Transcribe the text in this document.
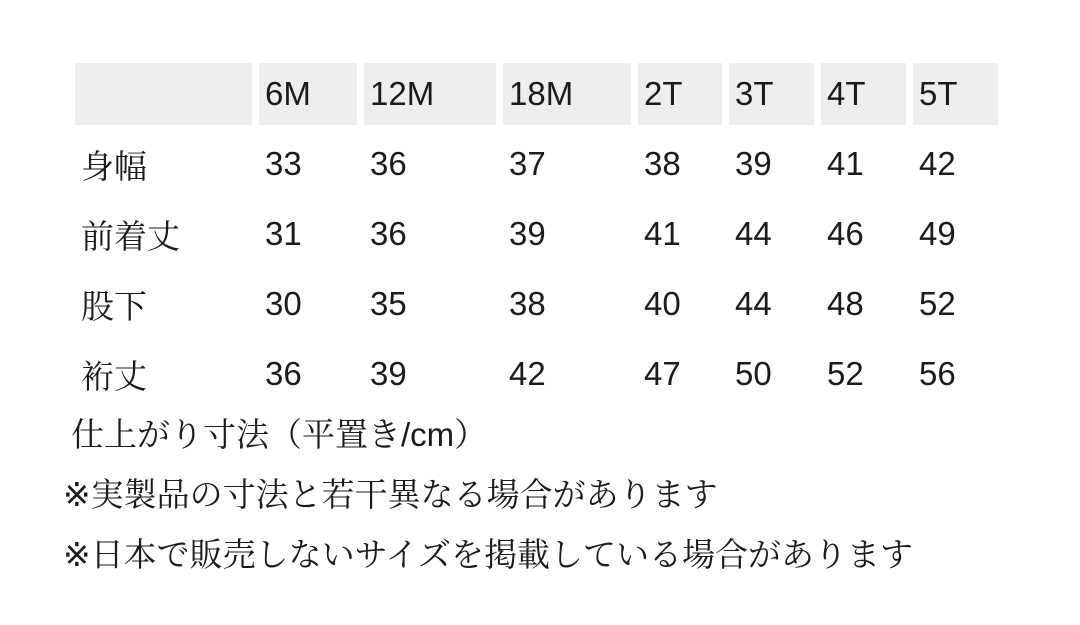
	6M	12M	18M	2T	3T	4T	5T
身幅	33	36	37	38	39	41	42
前着丈	31	36	39	41	44	46	49
股下	30	35	38	40	44	48	52
裄丈	36	39	42	47	50	52	56
仕上がり寸法（平置き/cm）
※実製品の寸法と若干異なる場合があります
※日本で販売しないサイズを掲載している場合があります
